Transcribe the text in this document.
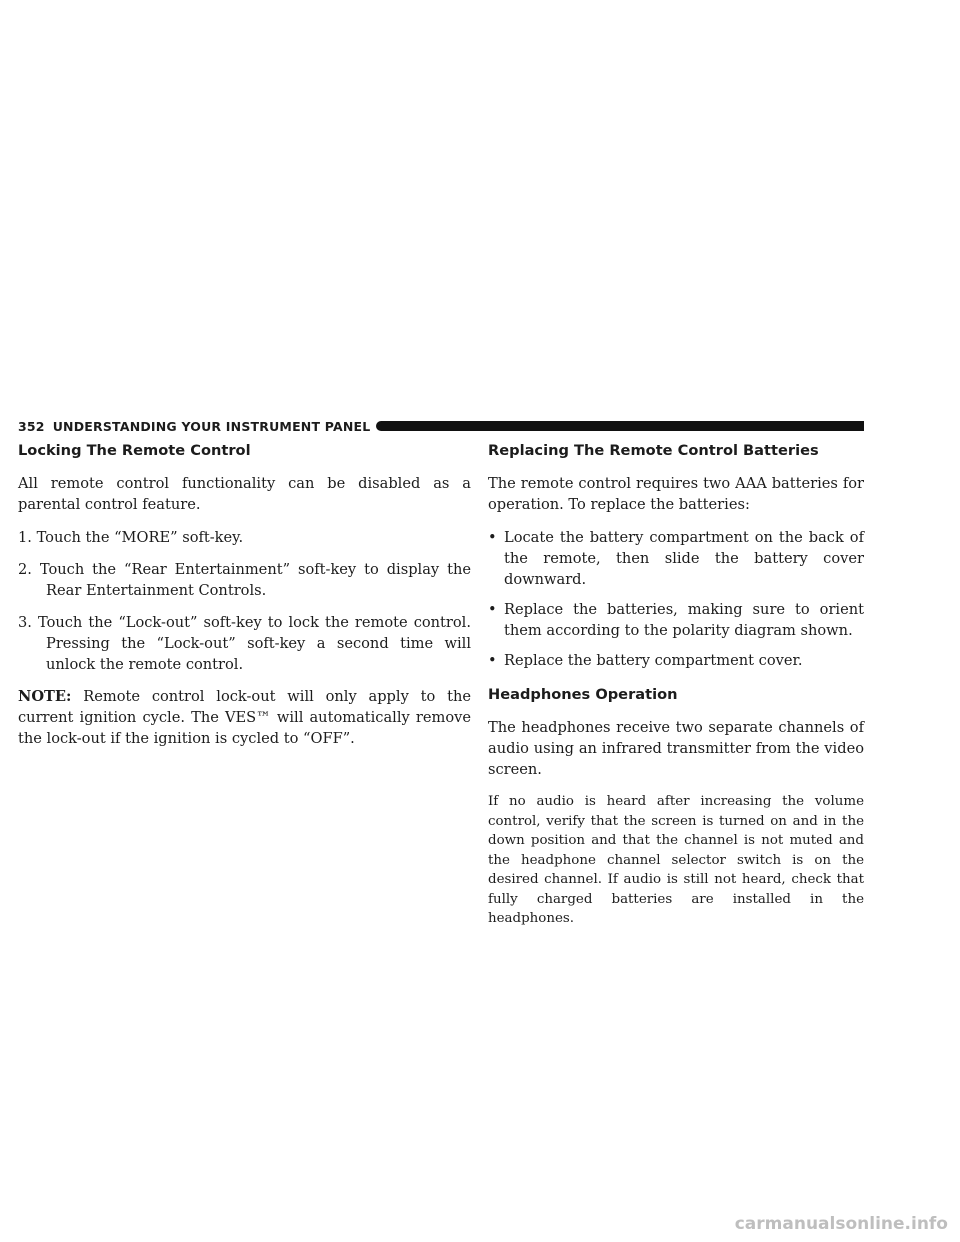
352 UNDERSTANDING YOUR INSTRUMENT PANEL
Locking The Remote Control

All remote control functionality can be disabled as a parental control feature.

1. Touch the “MORE” soft-key.
2. Touch the “Rear Entertainment” soft-key to display the Rear Entertainment Controls.
3. Touch the “Lock-out” soft-key to lock the remote control. Pressing the “Lock-out” soft-key a second time will unlock the remote control.

NOTE: Remote control lock-out will only apply to the current ignition cycle. The VES™ will automatically remove the lock-out if the ignition is cycled to “OFF”.

Replacing The Remote Control Batteries

The remote control requires two AAA batteries for operation. To replace the batteries:

• Locate the battery compartment on the back of the remote, then slide the battery cover downward.
• Replace the batteries, making sure to orient them according to the polarity diagram shown.
• Replace the battery compartment cover.
Headphones Operation

The headphones receive two separate channels of audio using an infrared transmitter from the video screen.

If no audio is heard after increasing the volume control, verify that the screen is turned on and in the down position and that the channel is not muted and the headphone channel selector switch is on the desired channel. If audio is still not heard, check that fully charged batteries are installed in the headphones.

carmanualsonline.info
